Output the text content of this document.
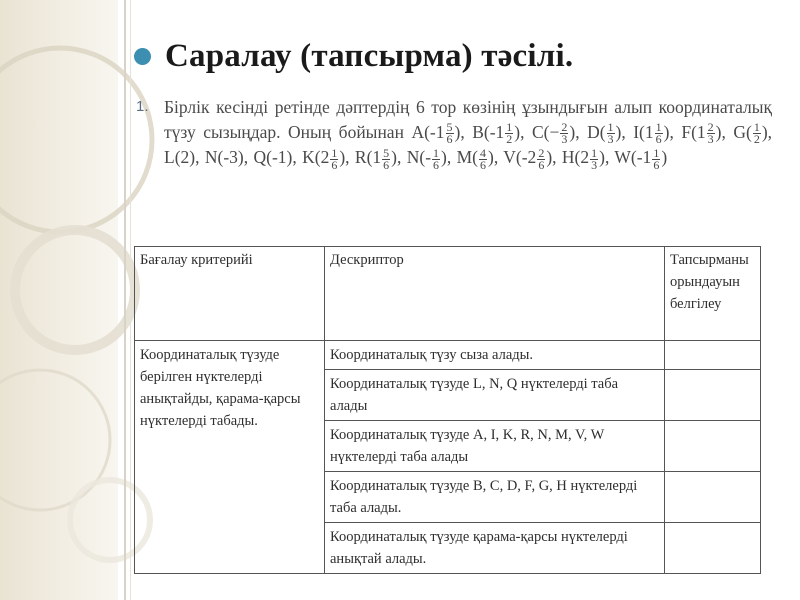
Саралау (тапсырма) тәсілі.
1. Бірлік кесінді ретінде дәптердің 6 тор көзінің ұзындығын алып координаталық түзу сызыңдар. Оның бойынан $A(-1 \frac{5}{6}$ ), $B(-1 \frac{1}{2}$ ), $C(- \frac{2}{3}$ ), $D( \frac{1}{3}$ ), $I(1 \frac{1}{6}$ ), $F(1 \frac{2}{3}$ ), $G( \frac{1}{2}$ ), L(2), N(-3), Q(-1), $K(2 \frac{1}{6}$ ), $R(1 \frac{5}{6}$ ), $N(- \frac{1}{6}$ ), $M( \frac{4}{6}$ ), $V(-2 \frac{2}{6}$ ), $H(2 \frac{1}{3}$ ), $W(-1 \frac{1}{6}$ )
Бағалау критерийі	Дескриптор	Тапсырманы орындауын белгілеу
Координаталық түзуде берілген нүктелерді анықтайды, қарама-қарсы нүктелерді табады.	Координаталық түзу сыза алады.	
	Координаталық түзуде L, N, Q нүктелерді таба алады	
	Координаталық түзуде A, I, K, R, N, M, V, W нүктелерді таба алады	
	Координаталық түзуде B, C, D, F, G, H нүктелерді таба алады.	
	Координаталық түзуде қарама-қарсы нүктелерді анықтай алады.	
